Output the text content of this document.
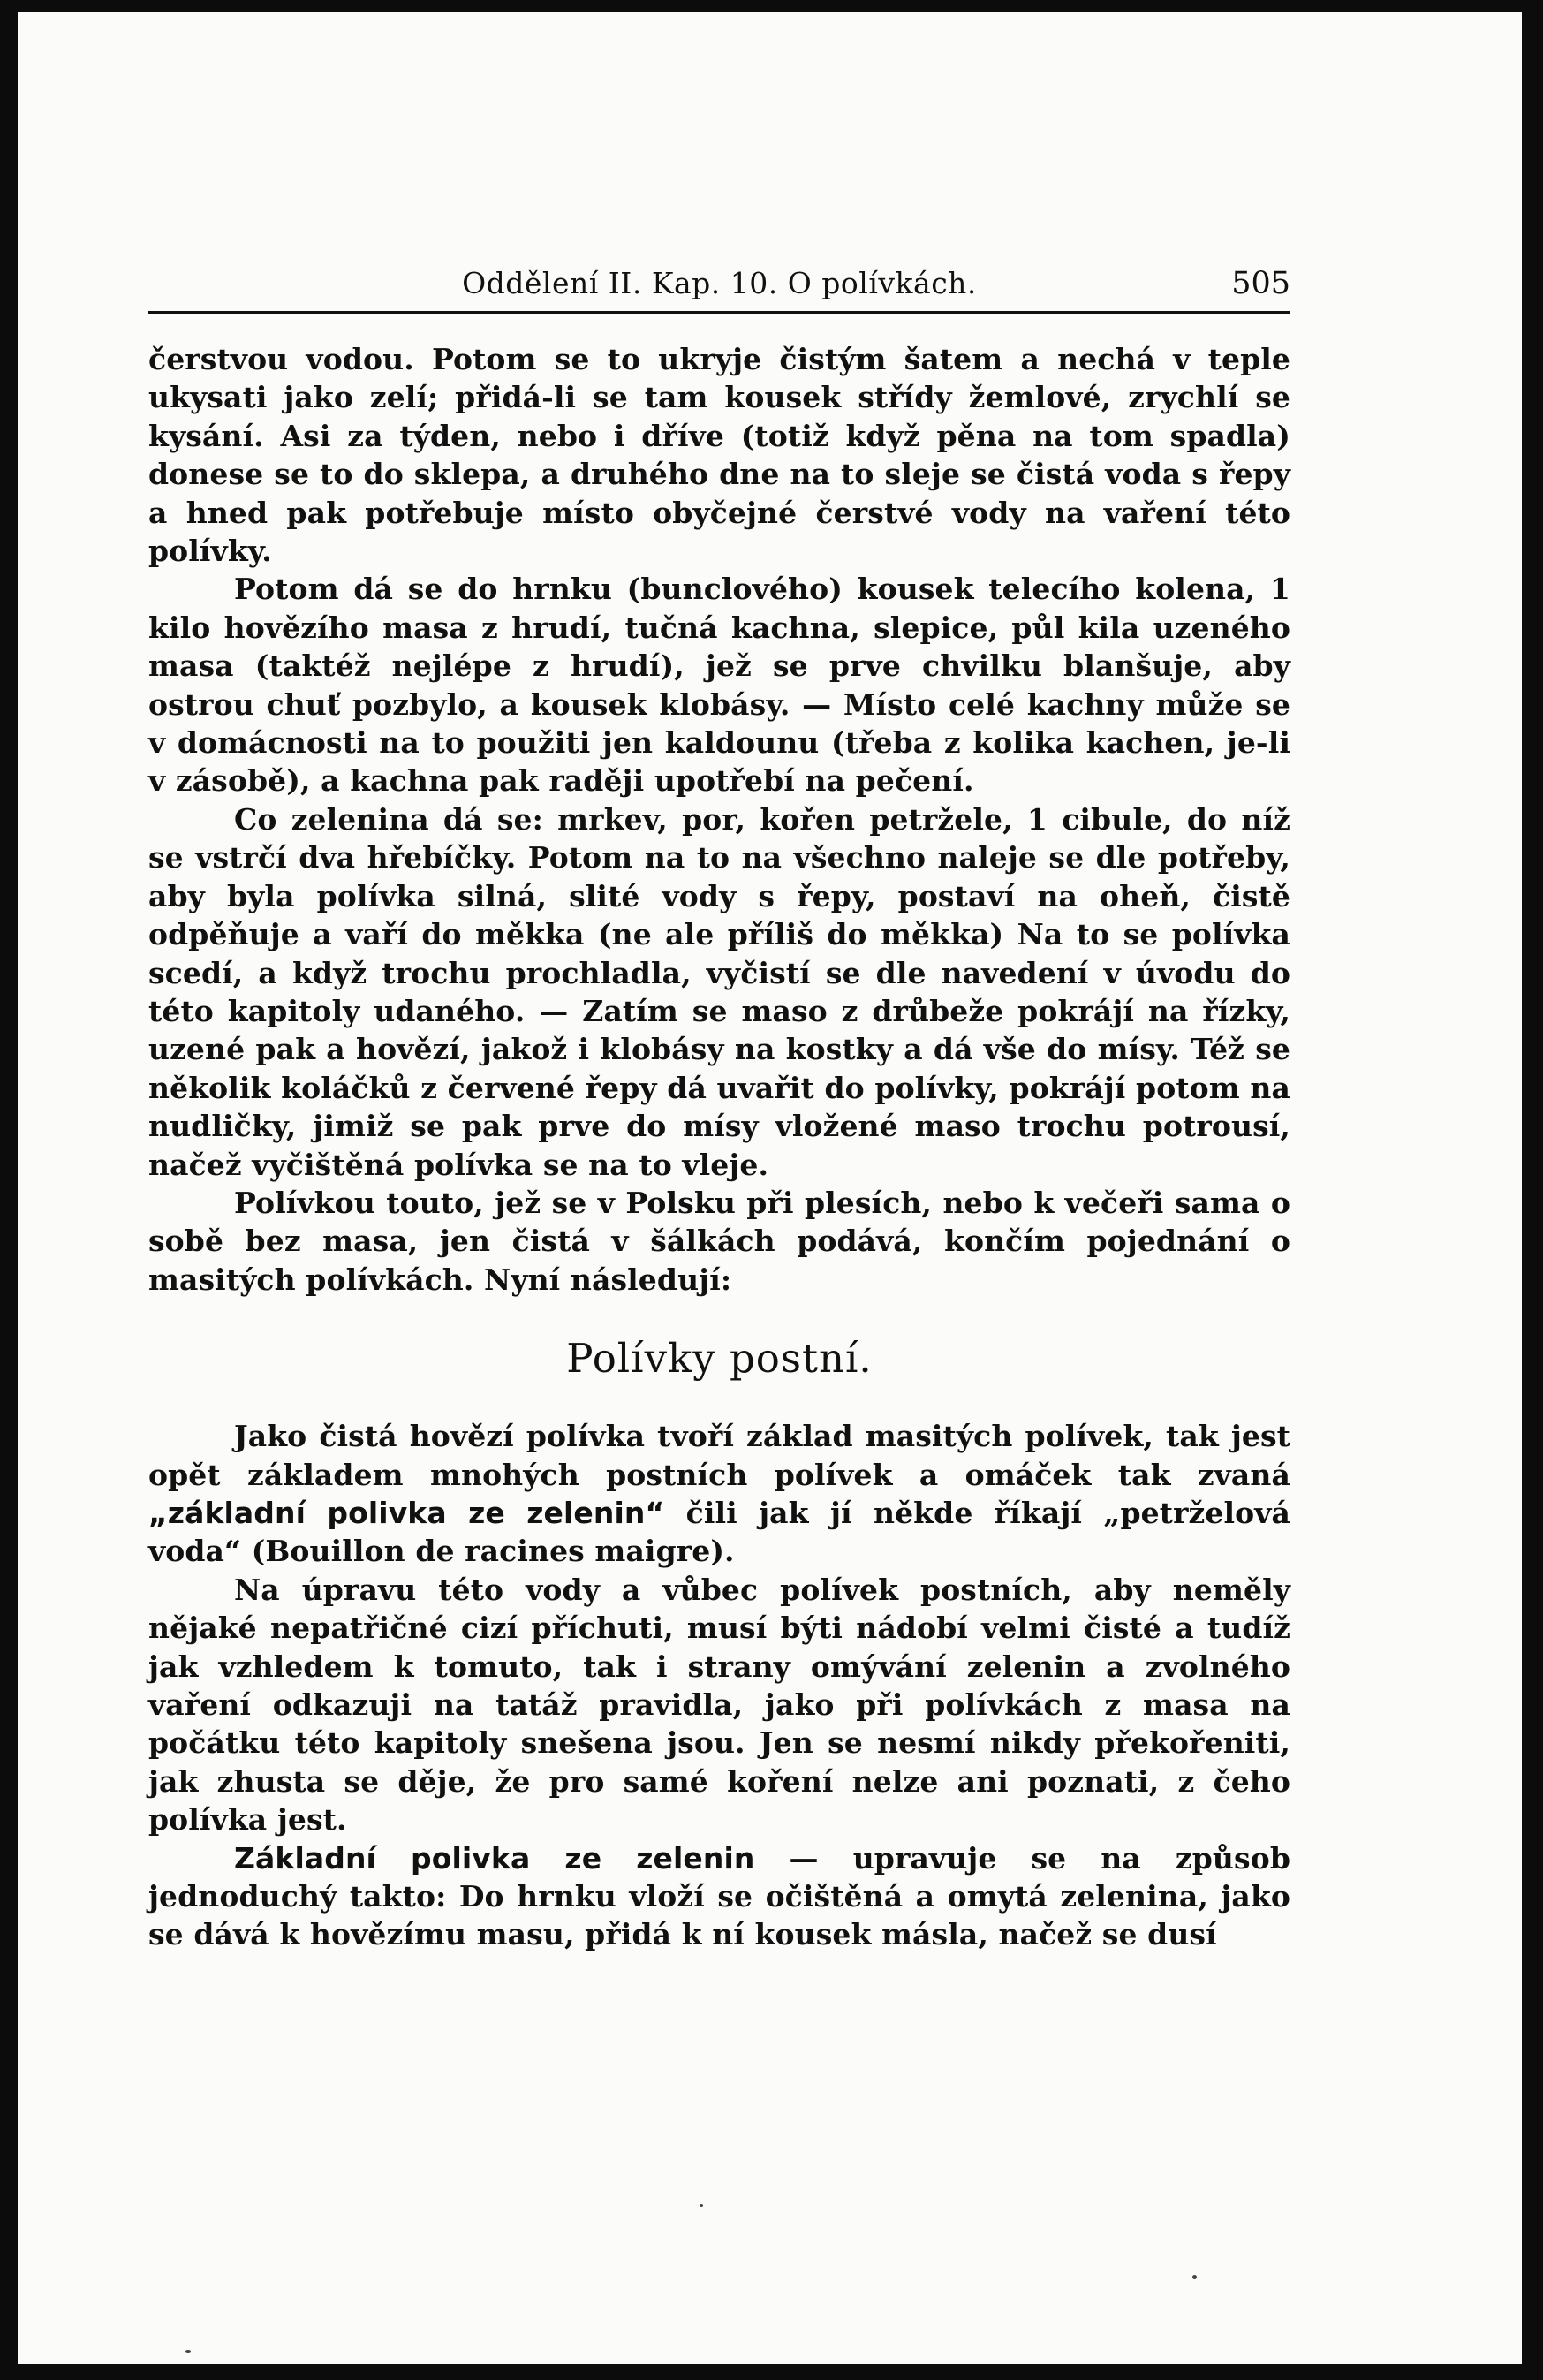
Oddělení II. Kap. 10. O polívkách.	505

čerstvou vodou. Potom se to ukryje čistým šatem a nechá v teple ukysati jako zelí; přidá-li se tam kousek střídy žemlové, zrychlí se kysání. Asi za týden, nebo i dříve (totiž když pěna na tom spadla) donese se to do sklepa, a druhého dne na to sleje se čistá voda s řepy a hned pak potřebuje místo obyčejné čerstvé vody na vaření této polívky.

Potom dá se do hrnku (bunclového) kousek telecího kolena, 1 kilo hovězího masa z hrudí, tučná kachna, slepice, půl kila uzeného masa (taktéž nejlépe z hrudí), jež se prve chvilku blanšuje, aby ostrou chuť pozbylo, a kousek klobásy. — Místo celé kachny může se v domácnosti na to použiti jen kaldounu (třeba z kolika kachen, je-li v zásobě), a kachna pak raději upotřebí na pečení.

Co zelenina dá se: mrkev, por, kořen petržele, 1 cibule, do níž se vstrčí dva hřebíčky. Potom na to na všechno naleje se dle potřeby, aby byla polívka silná, slité vody s řepy, postaví na oheň, čistě odpěňuje a vaří do měkka (ne ale příliš do měkka) Na to se polívka scedí, a když trochu prochladla, vyčistí se dle navedení v úvodu do této kapitoly udaného. — Zatím se maso z drůbeže pokrájí na řízky, uzené pak a hovězí, jakož i klobásy na kostky a dá vše do mísy. Též se několik koláčků z červené řepy dá uvařit do polívky, pokrájí potom na nudličky, jimiž se pak prve do mísy vložené maso trochu potrousí, načež vyčištěná polívka se na to vleje.

Polívkou touto, jež se v Polsku při plesích, nebo k večeři sama o sobě bez masa, jen čistá v šálkách podává, končím pojednání o masitých polívkách. Nyní následují:

Polívky postní.

Jako čistá hovězí polívka tvoří základ masitých polívek, tak jest opět základem mnohých postních polívek a omáček tak zvaná „základní polivka ze zelenin“ čili jak jí někde říkají „petrželová voda“ (Bouillon de racines maigre).

Na úpravu této vody a vůbec polívek postních, aby neměly nějaké nepatřičné cizí příchuti, musí býti nádobí velmi čisté a tudíž jak vzhledem k tomuto, tak i strany omývání zelenin a zvolného vaření odkazuji na tatáž pravidla, jako při polívkách z masa na počátku této kapitoly snešena jsou. Jen se nesmí nikdy překořeniti, jak zhusta se děje, že pro samé koření nelze ani poznati, z čeho polívka jest.

Základní polivka ze zelenin — upravuje se na způsob jednoduchý takto: Do hrnku vloží se očištěná a omytá zelenina, jako se dává k hovězímu masu, přidá k ní kousek másla, načež se dusí
